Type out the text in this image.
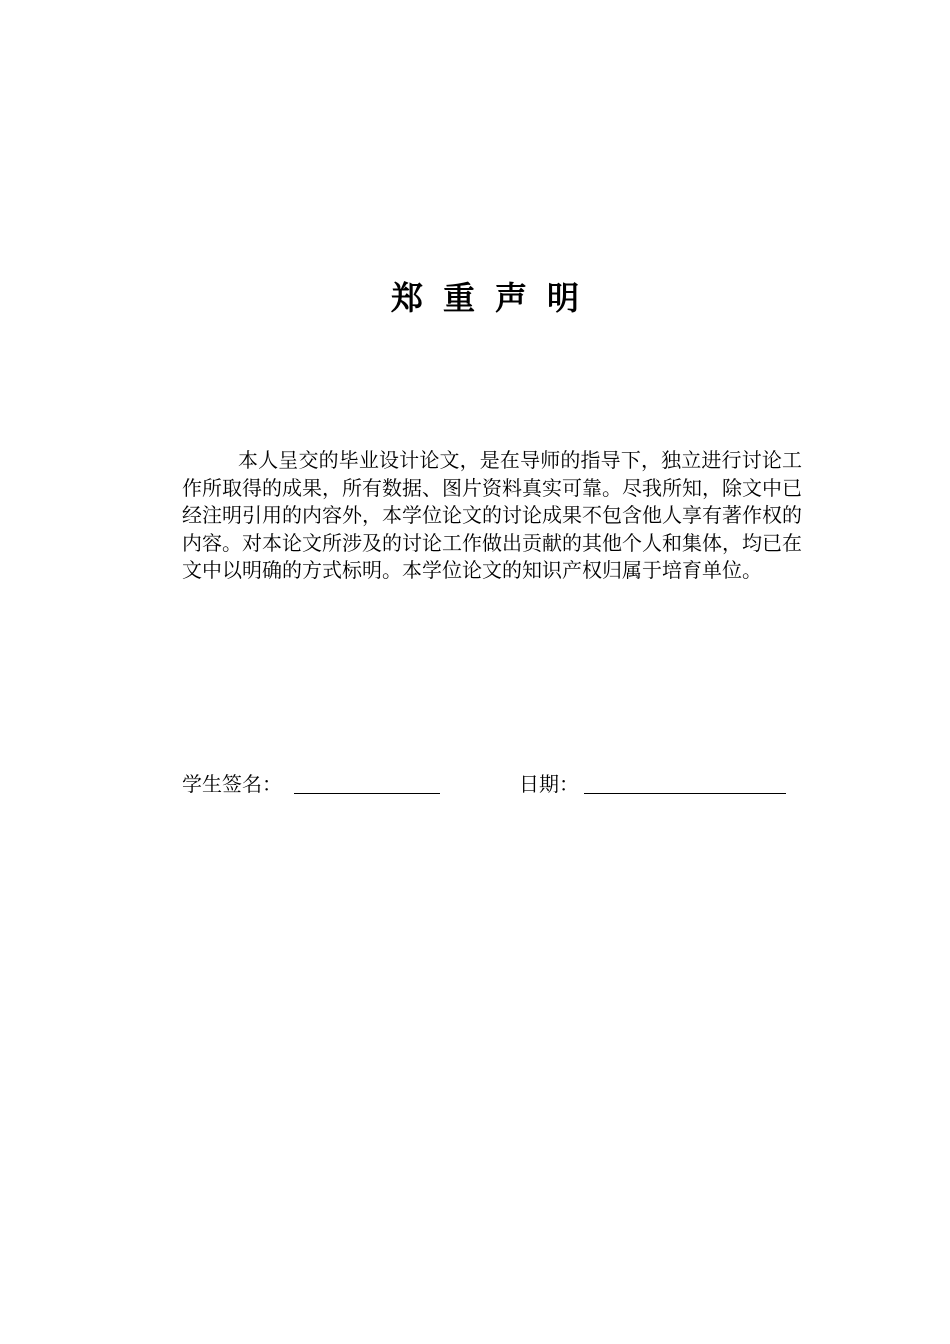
郑重声明

本人呈交的毕业设计论文，是在导师的指导下，独立进行讨论工作所取得的成果，所有数据、图片资料真实可靠。尽我所知，除文中已经注明引用的内容外，本学位论文的讨论成果不包含他人享有著作权的内容。对本论文所涉及的讨论工作做出贡献的其他个人和集体，均已在文中以明确的方式标明。本学位论文的知识产权归属于培育单位。

学生签名：	日期：
